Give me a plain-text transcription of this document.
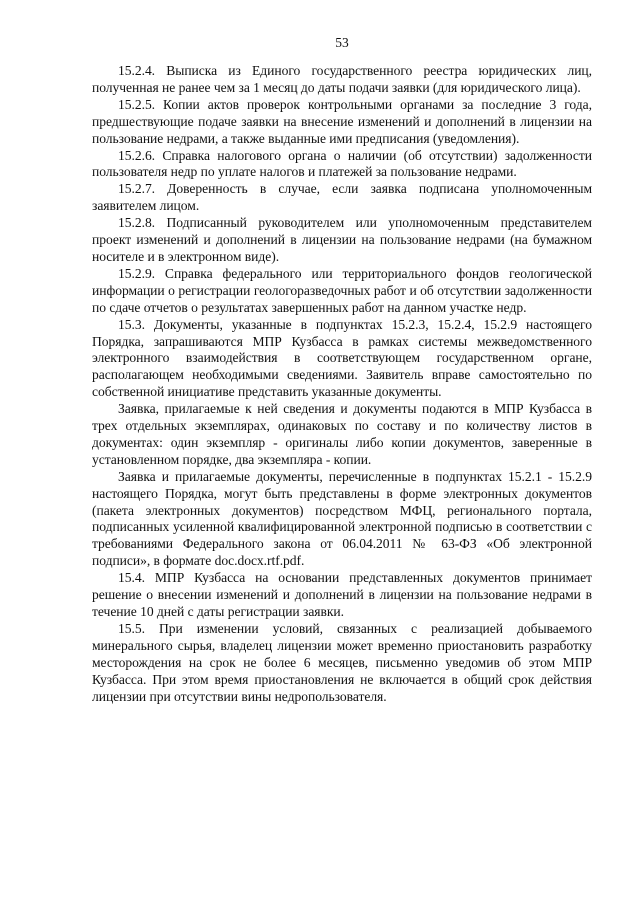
53

15.2.4. Выписка из Единого государственного реестра юридических лиц, полученная не ранее чем за 1 месяц до даты подачи заявки (для юридического лица).

15.2.5. Копии актов проверок контрольными органами за последние 3 года, предшествующие подаче заявки на внесение изменений и дополнений в лицензии на пользование недрами, а также выданные ими предписания (уведомления).

15.2.6. Справка налогового органа о наличии (об отсутствии) задолженности пользователя недр по уплате налогов и платежей за пользование недрами.

15.2.7. Доверенность в случае, если заявка подписана уполномоченным заявителем лицом.

15.2.8. Подписанный руководителем или уполномоченным представителем проект изменений и дополнений в лицензии на пользование недрами (на бумажном носителе и в электронном виде).

15.2.9. Справка федерального или территориального фондов геологической информации о регистрации геологоразведочных работ и об отсутствии задолженности по сдаче отчетов о результатах завершенных работ на данном участке недр.

15.3. Документы, указанные в подпунктах 15.2.3, 15.2.4, 15.2.9 настоящего Порядка, запрашиваются МПР Кузбасса в рамках системы межведомственного электронного взаимодействия в соответствующем государственном органе, располагающем необходимыми сведениями. Заявитель вправе самостоятельно по собственной инициативе представить указанные документы.

Заявка, прилагаемые к ней сведения и документы подаются в МПР Кузбасса в трех отдельных экземплярах, одинаковых по составу и по количеству листов в документах: один экземпляр - оригиналы либо копии документов, заверенные в установленном порядке, два экземпляра - копии.

Заявка и прилагаемые документы, перечисленные в подпунктах 15.2.1 - 15.2.9 настоящего Порядка, могут быть представлены в форме электронных документов (пакета электронных документов) посредством МФЦ, регионального портала, подписанных усиленной квалифицированной электронной подписью в соответствии с требованиями Федерального закона от 06.04.2011 № 63-ФЗ «Об электронной подписи», в формате doc.docx.rtf.pdf.

15.4. МПР Кузбасса на основании представленных документов принимает решение о внесении изменений и дополнений в лицензии на пользование недрами в течение 10 дней с даты регистрации заявки.

15.5. При изменении условий, связанных с реализацией добываемого минерального сырья, владелец лицензии может временно приостановить разработку месторождения на срок не более 6 месяцев, письменно уведомив об этом МПР Кузбасса. При этом время приостановления не включается в общий срок действия лицензии при отсутствии вины недропользователя.
